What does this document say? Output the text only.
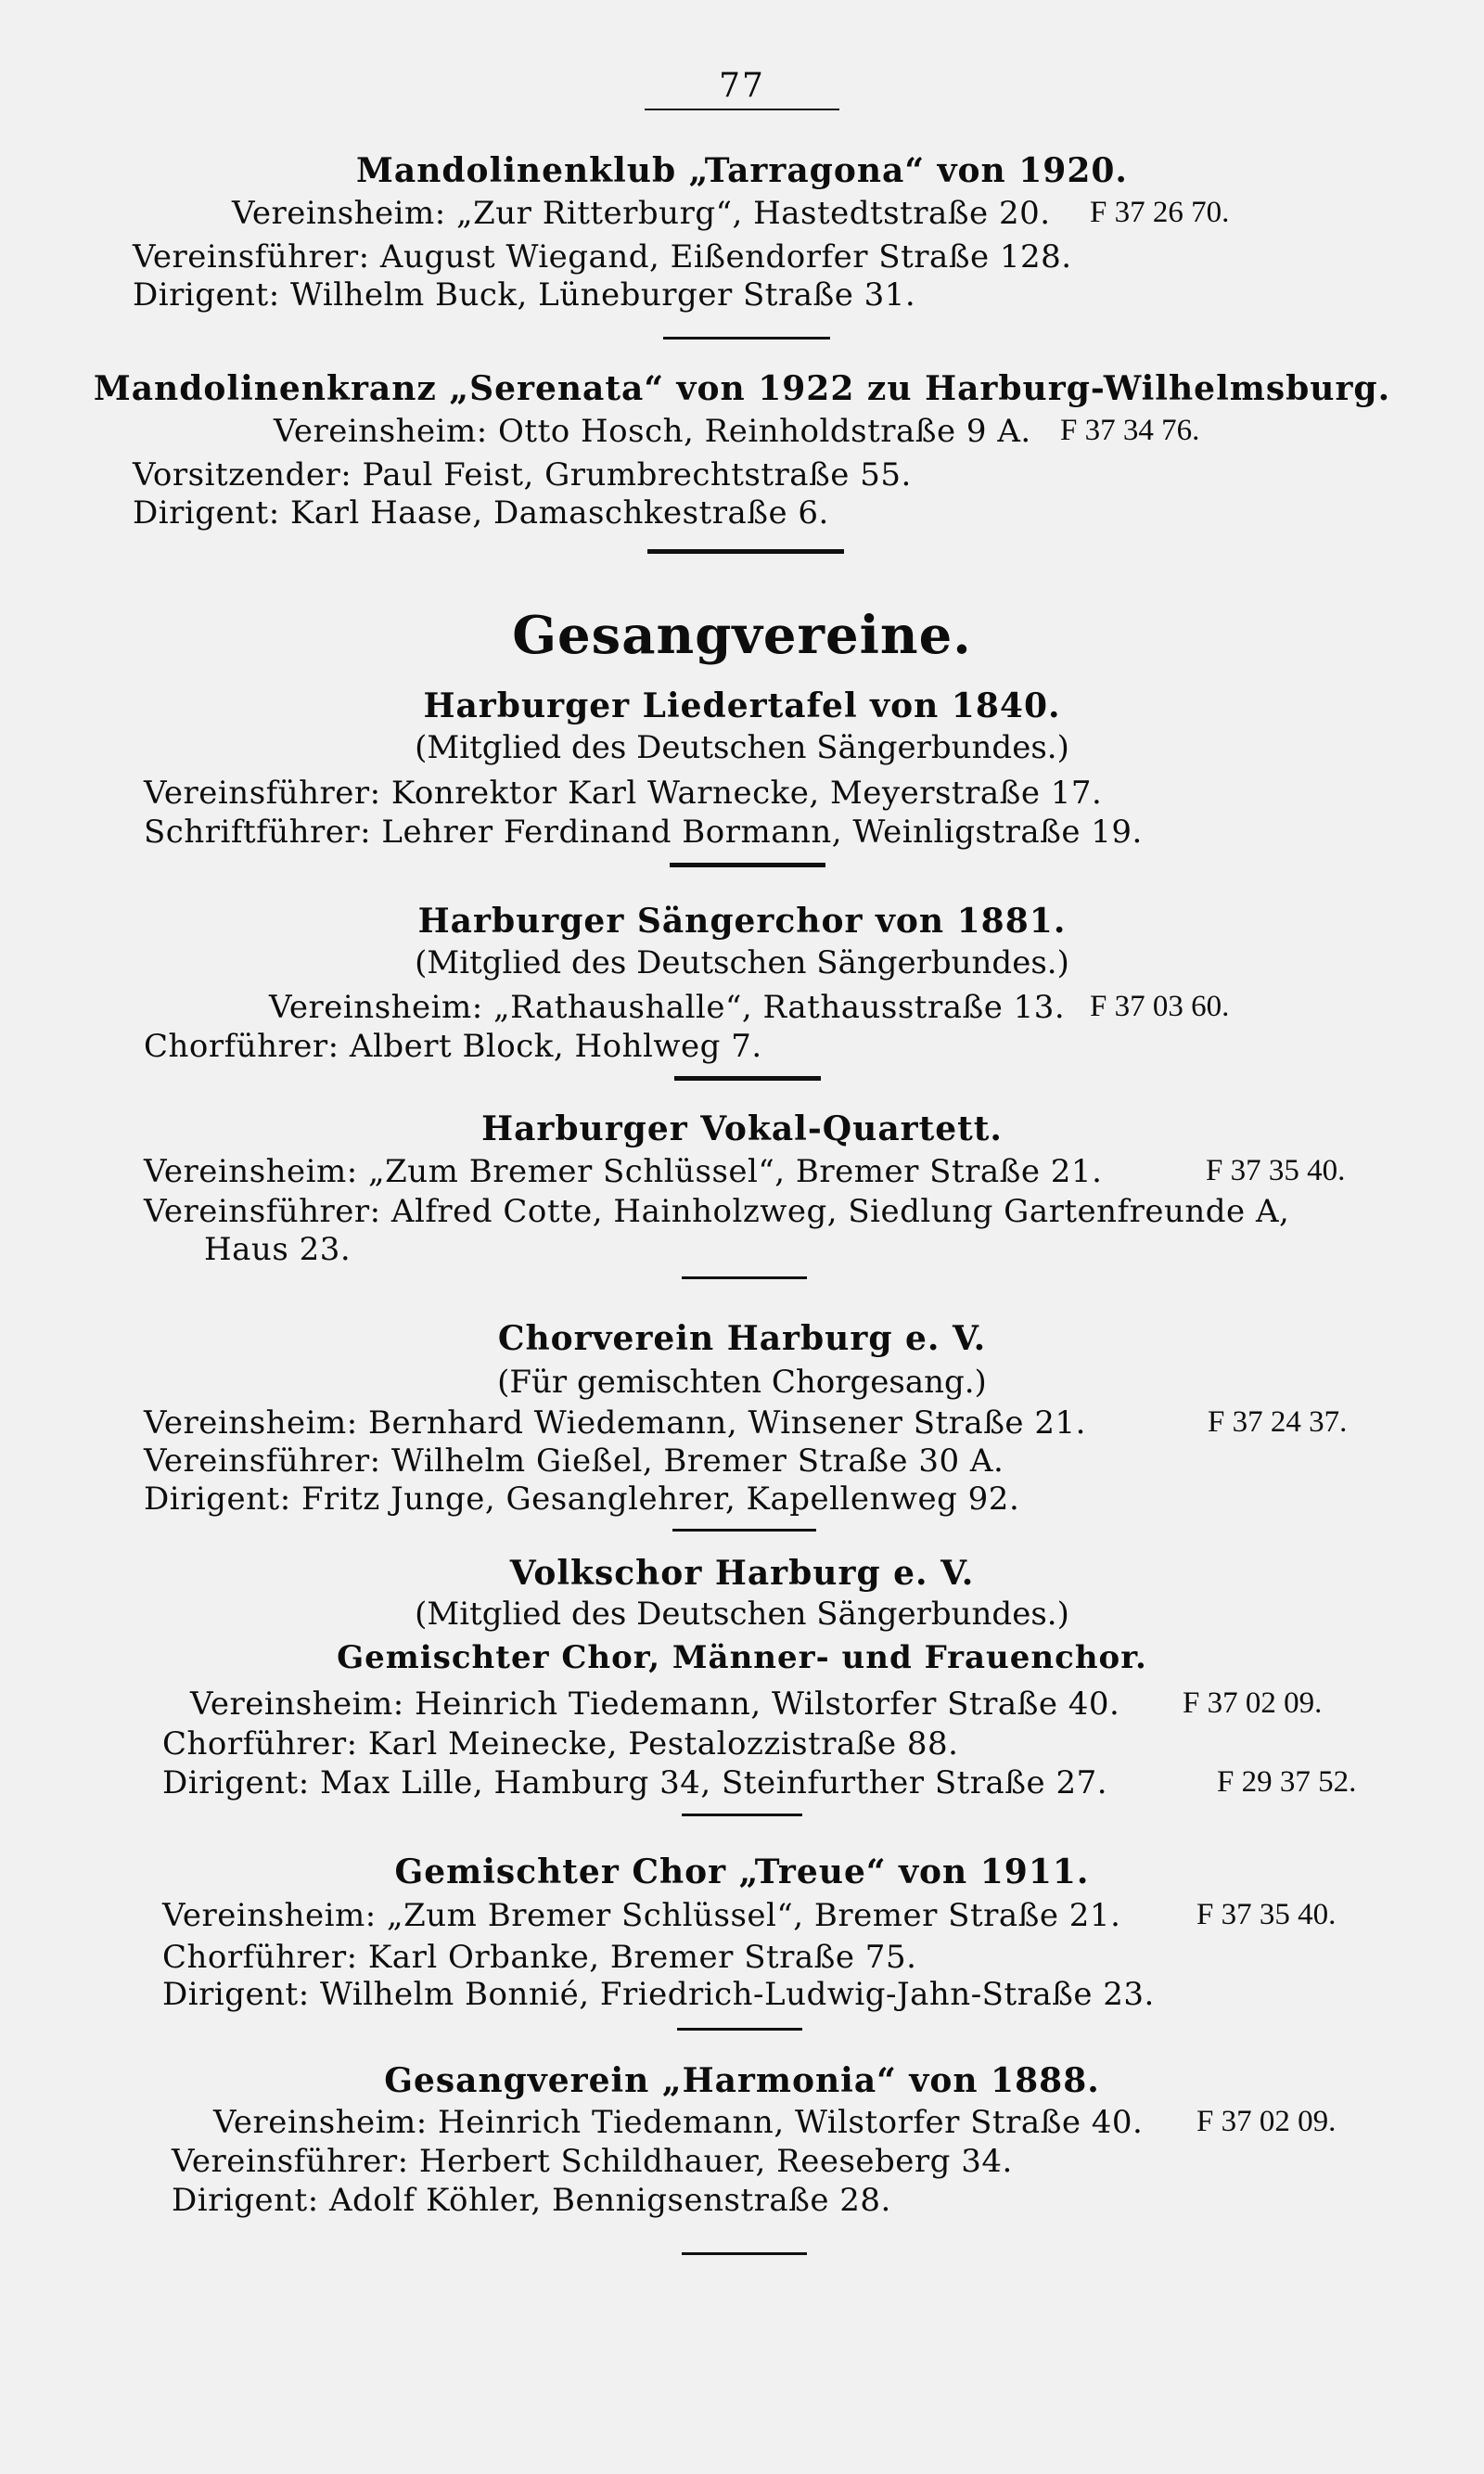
77
Mandolinenklub „Tarragona“ von 1920.
Vereinsheim: „Zur Ritterburg“, Hastedtstraße 20. F 37 26 70.
Vereinsführer: August Wiegand, Eißendorfer Straße 128.
Dirigent: Wilhelm Buck, Lüneburger Straße 31.
Mandolinenkranz „Serenata“ von 1922 zu Harburg-Wilhelmsburg.
Vereinsheim: Otto Hosch, Reinholdstraße 9 A. F 37 34 76.
Vorsitzender: Paul Feist, Grumbrechtstraße 55.
Dirigent: Karl Haase, Damaschkestraße 6.
Gesangvereine.
Harburger Liedertafel von 1840.
(Mitglied des Deutschen Sängerbundes.)
Vereinsführer: Konrektor Karl Warnecke, Meyerstraße 17.
Schriftführer: Lehrer Ferdinand Bormann, Weinligstraße 19.
Harburger Sängerchor von 1881.
(Mitglied des Deutschen Sängerbundes.)
Vereinsheim: „Rathaushalle“, Rathausstraße 13. F 37 03 60.
Chorführer: Albert Block, Hohlweg 7.
Harburger Vokal-Quartett.
Vereinsheim: „Zum Bremer Schlüssel“, Bremer Straße 21.	F 37 35 40.
Vereinsführer: Alfred Cotte, Hainholzweg, Siedlung Gartenfreunde A,
Haus 23.
Chorverein Harburg e. V.
(Für gemischten Chorgesang.)
Vereinsheim: Bernhard Wiedemann, Winsener Straße 21.	F 37 24 37.
Vereinsführer: Wilhelm Gießel, Bremer Straße 30 A.
Dirigent: Fritz Junge, Gesanglehrer, Kapellenweg 92.
Volkschor Harburg e. V.
(Mitglied des Deutschen Sängerbundes.)
Gemischter Chor, Männer- und Frauenchor.
Vereinsheim: Heinrich Tiedemann, Wilstorfer Straße 40. F 37 02 09.
Chorführer: Karl Meinecke, Pestalozzistraße 88.
Dirigent: Max Lille, Hamburg 34, Steinfurther Straße 27.	F 29 37 52.
Gemischter Chor „Treue“ von 1911.
Vereinsheim: „Zum Bremer Schlüssel“, Bremer Straße 21. F 37 35 40.
Chorführer: Karl Orbanke, Bremer Straße 75.
Dirigent: Wilhelm Bonnié, Friedrich-Ludwig-Jahn-Straße 23.
Gesangverein „Harmonia“ von 1888.
Vereinsheim: Heinrich Tiedemann, Wilstorfer Straße 40. F 37 02 09.
Vereinsführer: Herbert Schildhauer, Reeseberg 34.
Dirigent: Adolf Köhler, Bennigsenstraße 28.
